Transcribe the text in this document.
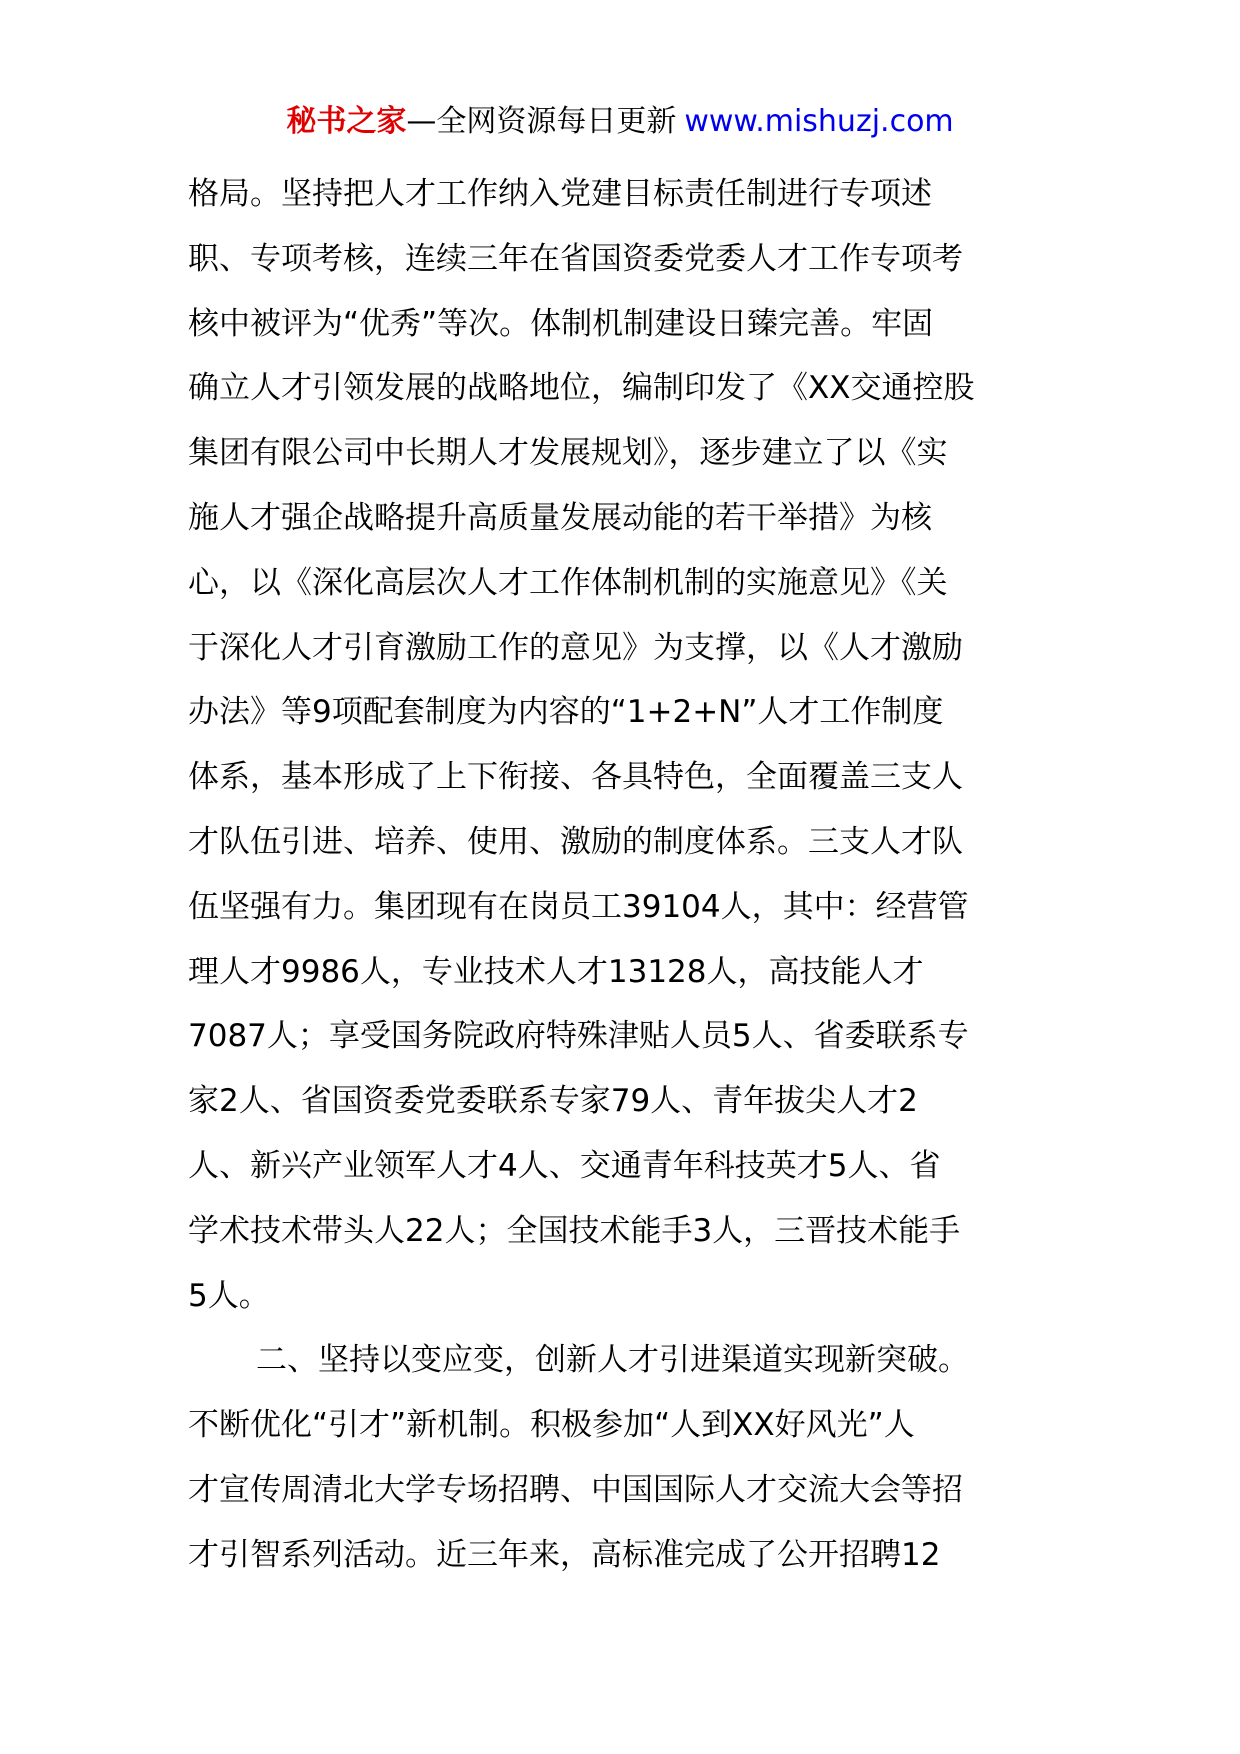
秘书之家—全网资源每日更新 www.mishuzj.com
格局。坚持把人才工作纳入党建目标责任制进行专项述
职、专项考核，连续三年在省国资委党委人才工作专项考
核中被评为“优秀”等次。体制机制建设日臻完善。牢固
确立人才引领发展的战略地位，编制印发了《XX交通控股
集团有限公司中长期人才发展规划》，逐步建立了以《实
施人才强企战略提升高质量发展动能的若干举措》为核
心，以《深化高层次人才工作体制机制的实施意见》《关
于深化人才引育激励工作的意见》为支撑，以《人才激励
办法》等9项配套制度为内容的“1+2+N”人才工作制度
体系，基本形成了上下衔接、各具特色，全面覆盖三支人
才队伍引进、培养、使用、激励的制度体系。三支人才队
伍坚强有力。集团现有在岗员工39104人，其中：经营管
理人才9986人，专业技术人才13128人，高技能人才
7087人；享受国务院政府特殊津贴人员5人、省委联系专
家2人、省国资委党委联系专家79人、青年拔尖人才2
人、新兴产业领军人才4人、交通青年科技英才5人、省
学术技术带头人22人；全国技术能手3人，三晋技术能手
5人。
二、坚持以变应变，创新人才引进渠道实现新突破。
不断优化“引才”新机制。积极参加“人到XX好风光”人
才宣传周清北大学专场招聘、中国国际人才交流大会等招
才引智系列活动。近三年来，高标准完成了公开招聘12
